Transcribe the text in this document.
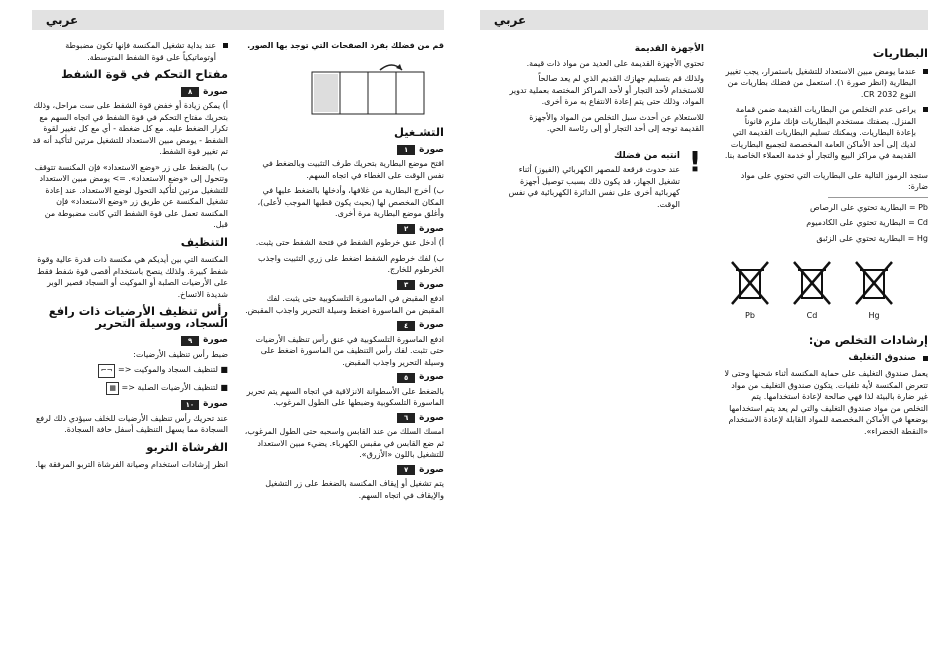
عربي

عند بداية تشغيل المكنسة فإنها تكون مضبوطة أوتوماتيكياً على قوة الشفط المتوسطة.

مفتاح التحكم في قوة الشفط
صورة
٨

أ) يمكن زيادة أو خفض قوة الشفط على ست مراحل، وذلك بتحريك مفتاح التحكم في قوة الشفط في اتجاه السهم مع تكرار الضغط عليه. مع كل ضغطة - أي مع كل تغيير لقوة الشفط - يومض مبين الاستعداد للتشغيل مرتين لتأكيد أنه قد تم تغيير قوة الشفط.

ب) بالضغط على زر «وضع الاستعداد» فإن المكنسة تتوقف وتتحول إلى «وضع الاستعداد». => يومض مبين الاستعداد للتشغيل مرتين لتأكيد التحول لوضع الاستعداد. عند إعادة تشغيل المكنسة عن طريق زر «وضع الاستعداد» فإن المكنسة تعمل على قوة الشفط التي كانت مضبوطة من قبل.

التنظيف

المكنسة التي بين أيديكم هي مكنسة ذات قدرة عالية وقوة شفط كبيرة. ولذلك ينصح باستخدام أقصى قوة شفط فقط على الأرضيات الصلبة أو الموكيت أو السجاد قصير الوبر شديدة الاتساخ.

رأس تنظيف الأرضيات ذات رافع السجاد، ووسيلة التحرير
صورة
٩

ضبط رأس تنظيف الأرضيات:

■ لتنظيف السجاد والموكيت <= ⌐¬

■ لتنظيف الأرضيات الصلبة <= ▦

صورة
١٠

عند تحريك رأس تنظيف الأرضيات للخلف سيؤدي ذلك لرفع السجادة مما يسهل التنظيف أسفل حافة السجادة.

الفرشاة التربو

انظر إرشادات استخدام وصيانة الفرشاة التربو المرفقة بها.

قم من فضلك بفرد الصفحات التي توجد بها الصور.

التشـغيل
صورة
١

افتح موضع البطارية بتحريك طرف التثبيت وبالضغط في نفس الوقت على الغطاء في اتجاه السهم.

ب) أخرج البطارية من غلافها، وأدخلها بالضغط عليها في المكان المخصص لها (بحيث يكون قطبها الموجب لأعلى)، وأغلق موضع البطارية مرة أخرى.

صورة
٢

أ) أدخل عنق خرطوم الشفط في فتحة الشفط حتى يثبت.

ب) لفك خرطوم الشفط اضغط على زري التثبيت واجذب الخرطوم للخارج.

صورة
٣

ادفع المقبض في الماسورة التلسكوبية حتى يثبت. لفك المقبض من الماسورة اضغط وسيلة التحرير واجذب المقبض.

صورة
٤

ادفع الماسورة التلسكوبية في عنق رأس تنظيف الأرضيات حتى تثبت. لفك رأس التنظيف من الماسورة اضغط على وسيلة التحرير واجذب المقبض.

صورة
٥

بالضغط على الأسطوانة الانزلاقية في اتجاه السهم يتم تحرير الماسورة التلسكوبية وضبطها على الطول المرغوب.

صورة
٦

امسك السلك من عند القابس واسحبه حتى الطول المرغوب، ثم ضع القابس في مقبس الكهرباء. يضيء مبين الاستعداد للتشغيل باللون «الأزرق».

صورة
٧

يتم تشغيل أو إيقاف المكنسة بالضغط على زر التشغيل والإيقاف في اتجاه السهم.

عربي
الأجهزة القديمة

تحتوي الأجهزة القديمة على العديد من مواد ذات قيمة.

ولذلك قم بتسليم جهازك القديم الذي لم يعد صالحاً للاستخدام لأحد التجار أو لأحد المراكز المختصة بعملية تدوير المواد، وذلك حتى يتم إعادة الانتفاع به مرة أخرى.

للاستعلام عن أحدث سبل التخلص من المواد والأجهزة القديمة توجه إلى أحد التجار أو إلى رئاسة الحي.

!
انتبه من فضلك

عند حدوث فرقعة للمصهر الكهربائي (الفيوز) أثناء تشغيل الجهاز، قد يكون ذلك بسبب توصيل أجهزة كهربائية أخرى على نفس الدائرة الكهربائية في نفس الوقت.

البطاريات

عندما يومض مبين الاستعداد للتشغيل باستمرار، يجب تغيير البطارية (انظر صورة ١). استعمل من فضلك بطاريات من النوع CR 2032.

يراعى عدم التخلص من البطاريات القديمة ضمن قمامة المنزل. بصفتك مستخدم البطاريات فإنك ملزم قانوناً بإعادة البطاريات. ويمكنك تسليم البطاريات القديمة التي لديك إلى أحد الأماكن العامة المخصصة لتجميع البطاريات القديمة في مراكز البيع والتجار أو خدمة العملاء الخاصة بنا.

ستجد الرموز التالية على البطاريات التي تحتوي على مواد ضارة:

Pb = البطارية تحتوي على الرصاص

Cd = البطارية تحتوي على الكادميوم

Hg = البطارية تحتوي على الزئبق

Pb	Cd	Hg
إرشادات التخلص من:
صندوق التغليف

يعمل صندوق التغليف على حماية المكنسة أثناء شحنها وحتى لا تتعرض المكنسة لأية تلفيات. يتكون صندوق التغليف من مواد غير ضارة بالبيئة لذا فهي صالحة لإعادة استخدامها. يتم التخلص من مواد صندوق التغليف والتي لم يعد يتم استخدامها بوضعها في الأماكن المخصصة للمواد القابلة لإعادة الاستخدام «النقطة الخضراء».
